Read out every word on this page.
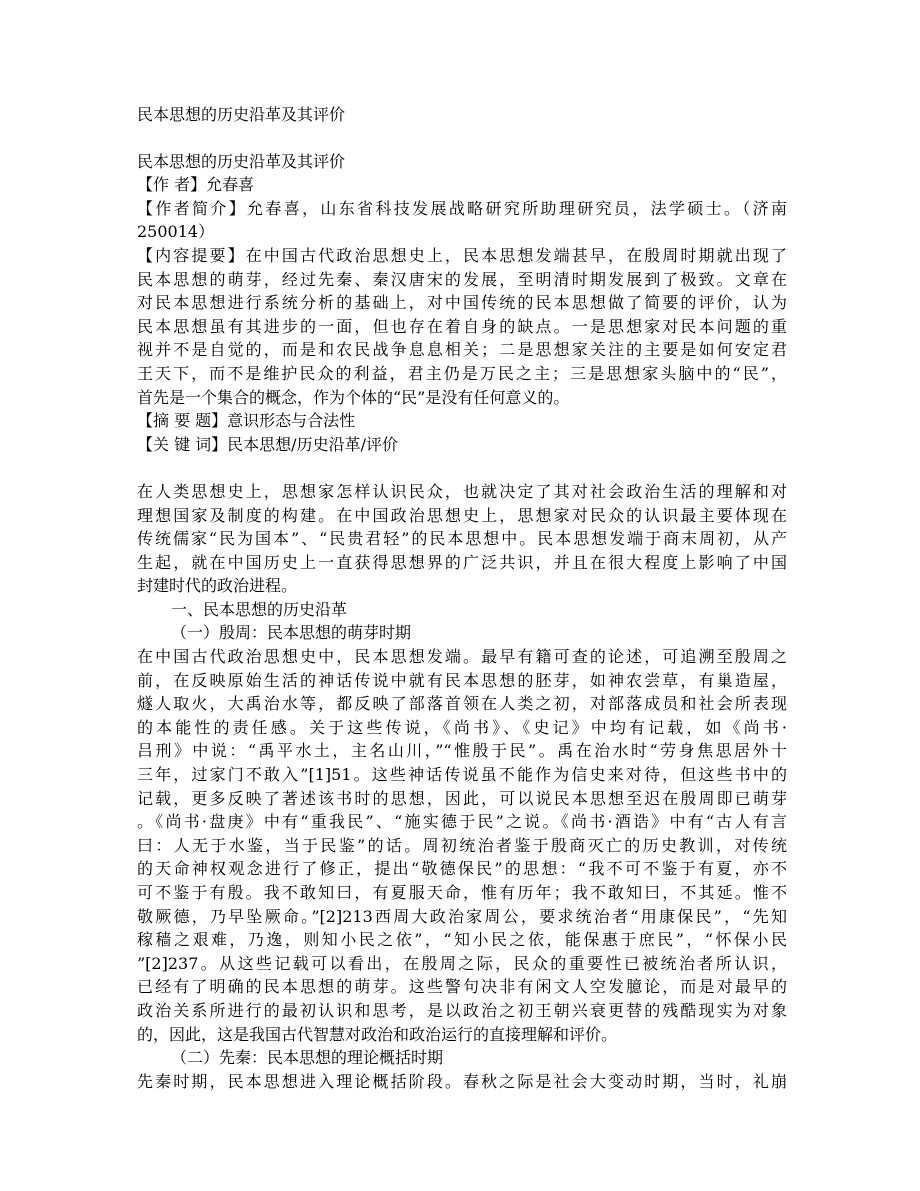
民本思想的历史沿革及其评价
民本思想的历史沿革及其评价
【作 者】允春喜
【作者简介】允春喜，山东省科技发展战略研究所助理研究员，法学硕士。（济南
250014）
【内容提要】在中国古代政治思想史上，民本思想发端甚早，在殷周时期就出现了
民本思想的萌芽，经过先秦、秦汉唐宋的发展，至明清时期发展到了极致。文章在
对民本思想进行系统分析的基础上，对中国传统的民本思想做了简要的评价，认为
民本思想虽有其进步的一面，但也存在着自身的缺点。一是思想家对民本问题的重
视并不是自觉的，而是和农民战争息息相关；二是思想家关注的主要是如何安定君
王天下，而不是维护民众的利益，君主仍是万民之主；三是思想家头脑中的“民”，
首先是一个集合的概念，作为个体的“民”是没有任何意义的。
【摘 要 题】意识形态与合法性
【关 键 词】民本思想/历史沿革/评价
在人类思想史上，思想家怎样认识民众，也就决定了其对社会政治生活的理解和对
理想国家及制度的构建。在中国政治思想史上，思想家对民众的认识最主要体现在
传统儒家“民为国本”、“民贵君轻”的民本思想中。民本思想发端于商末周初，从产
生起，就在中国历史上一直获得思想界的广泛共识，并且在很大程度上影响了中国
封建时代的政治进程。
一、民本思想的历史沿革
（一）殷周：民本思想的萌芽时期
在中国古代政治思想史中，民本思想发端。最早有籍可查的论述，可追溯至殷周之
前，在反映原始生活的神话传说中就有民本思想的胚芽，如神农尝草，有巢造屋，
燧人取火，大禹治水等，都反映了部落首领在人类之初，对部落成员和社会所表现
的本能性的责任感。关于这些传说，《尚书》、《史记》中均有记载，如《尚书·
吕刑》中说：“禹平水土，主名山川，”“惟殷于民”。禹在治水时“劳身焦思居外十
三年，过家门不敢入”[1]51。这些神话传说虽不能作为信史来对待，但这些书中的
记载，更多反映了著述该书时的思想，因此，可以说民本思想至迟在殷周即已萌芽
。《尚书·盘庚》中有“重我民”、“施实德于民”之说。《尚书·酒诰》中有“古人有言
曰：人无于水鉴，当于民鉴”的话。周初统治者鉴于殷商灭亡的历史教训，对传统
的天命神权观念进行了修正，提出“敬德保民”的思想：“我不可不鉴于有夏，亦不
可不鉴于有殷。我不敢知曰，有夏服天命，惟有历年；我不敢知曰，不其延。惟不
敬厥德，乃早坠厥命。”[2]213西周大政治家周公，要求统治者“用康保民”，“先知
稼穑之艰难，乃逸，则知小民之依”，“知小民之依，能保惠于庶民”，“怀保小民
”[2]237。从这些记载可以看出，在殷周之际，民众的重要性已被统治者所认识，
已经有了明确的民本思想的萌芽。这些警句决非有闲文人空发臆论，而是对最早的
政治关系所进行的最初认识和思考，是以政治之初王朝兴衰更替的残酷现实为对象
的，因此，这是我国古代智慧对政治和政治运行的直接理解和评价。
（二）先秦：民本思想的理论概括时期
先秦时期，民本思想进入理论概括阶段。春秋之际是社会大变动时期，当时，礼崩
